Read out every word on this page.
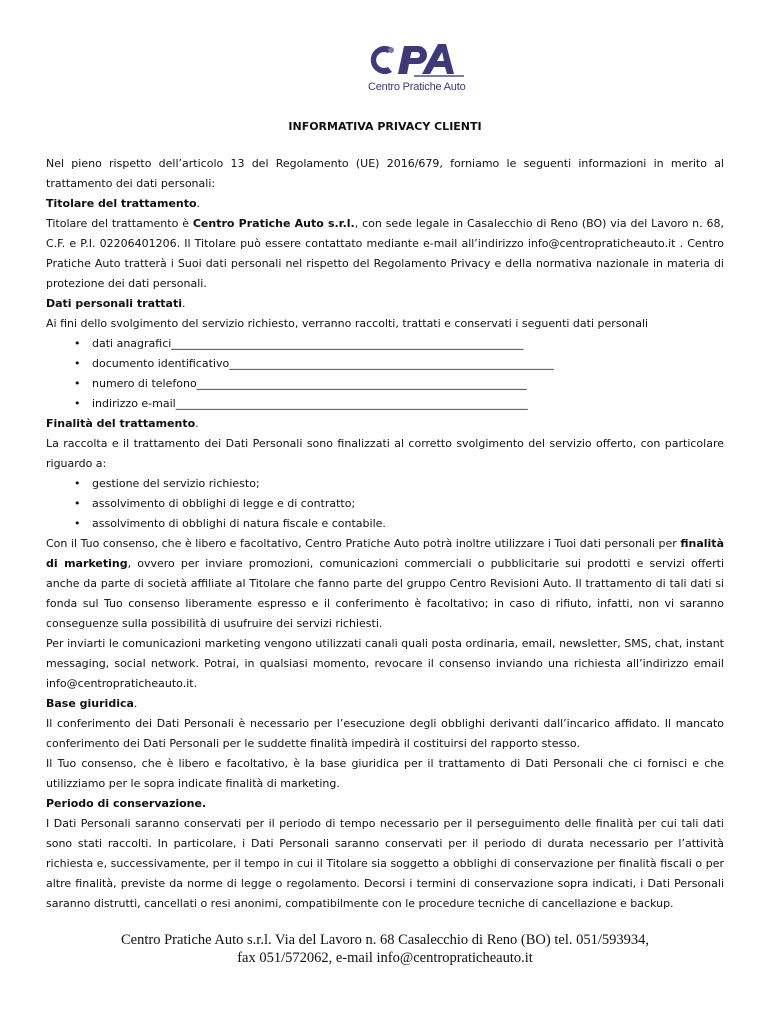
Centro Pratiche Auto
INFORMATIVA PRIVACY CLIENTI

Nel pieno rispetto dell’articolo 13 del Regolamento (UE) 2016/679, forniamo le seguenti informazioni in merito al trattamento dei dati personali:

Titolare del trattamento.

Titolare del trattamento è Centro Pratiche Auto s.r.l., con sede legale in Casalecchio di Reno (BO) via del Lavoro n. 68, C.F. e P.I. 02206401206. Il Titolare può essere contattato mediante e-mail all’indirizzo info@centropraticheauto.it . Centro Pratiche Auto tratterà i Suoi dati personali nel rispetto del Regolamento Privacy e della normativa nazionale in materia di protezione dei dati personali.

Dati personali trattati.

Ai fini dello svolgimento del servizio richiesto, verranno raccolti, trattati e conservati i seguenti dati personali

• dati anagrafici________________________________________________________________
• documento identificativo___________________________________________________________
• numero di telefono____________________________________________________________
• indirizzo e-mail________________________________________________________________

Finalità del trattamento.

La raccolta e il trattamento dei Dati Personali sono finalizzati al corretto svolgimento del servizio offerto, con particolare riguardo a:

• gestione del servizio richiesto;
• assolvimento di obblighi di legge e di contratto;
• assolvimento di obblighi di natura fiscale e contabile.

Con il Tuo consenso, che è libero e facoltativo, Centro Pratiche Auto potrà inoltre utilizzare i Tuoi dati personali per finalità di marketing, ovvero per inviare promozioni, comunicazioni commerciali o pubblicitarie sui prodotti e servizi offerti anche da parte di società affiliate al Titolare che fanno parte del gruppo Centro Revisioni Auto. Il trattamento di tali dati si fonda sul Tuo consenso liberamente espresso e il conferimento è facoltativo; in caso di rifiuto, infatti, non vi saranno conseguenze sulla possibilità di usufruire dei servizi richiesti.

Per inviarti le comunicazioni marketing vengono utilizzati canali quali posta ordinaria, email, newsletter, SMS, chat, instant messaging, social network. Potrai, in qualsiasi momento, revocare il consenso inviando una richiesta all’indirizzo email info@centropraticheauto.it.

Base giuridica.

Il conferimento dei Dati Personali è necessario per l’esecuzione degli obblighi derivanti dall’incarico affidato. Il mancato conferimento dei Dati Personali per le suddette finalità impedirà il costituirsi del rapporto stesso.

Il Tuo consenso, che è libero e facoltativo, è la base giuridica per il trattamento di Dati Personali che ci fornisci e che utilizziamo per le sopra indicate finalità di marketing.

Periodo di conservazione.

I Dati Personali saranno conservati per il periodo di tempo necessario per il perseguimento delle finalità per cui tali dati sono stati raccolti. In particolare, i Dati Personali saranno conservati per il periodo di durata necessario per l’attività richiesta e, successivamente, per il tempo in cui il Titolare sia soggetto a obblighi di conservazione per finalità fiscali o per altre finalità, previste da norme di legge o regolamento. Decorsi i termini di conservazione sopra indicati, i Dati Personali saranno distrutti, cancellati o resi anonimi, compatibilmente con le procedure tecniche di cancellazione e backup.

Centro Pratiche Auto s.r.l. Via del Lavoro n. 68 Casalecchio di Reno (BO) tel. 051/593934,
fax 051/572062, e-mail info@centropraticheauto.it
